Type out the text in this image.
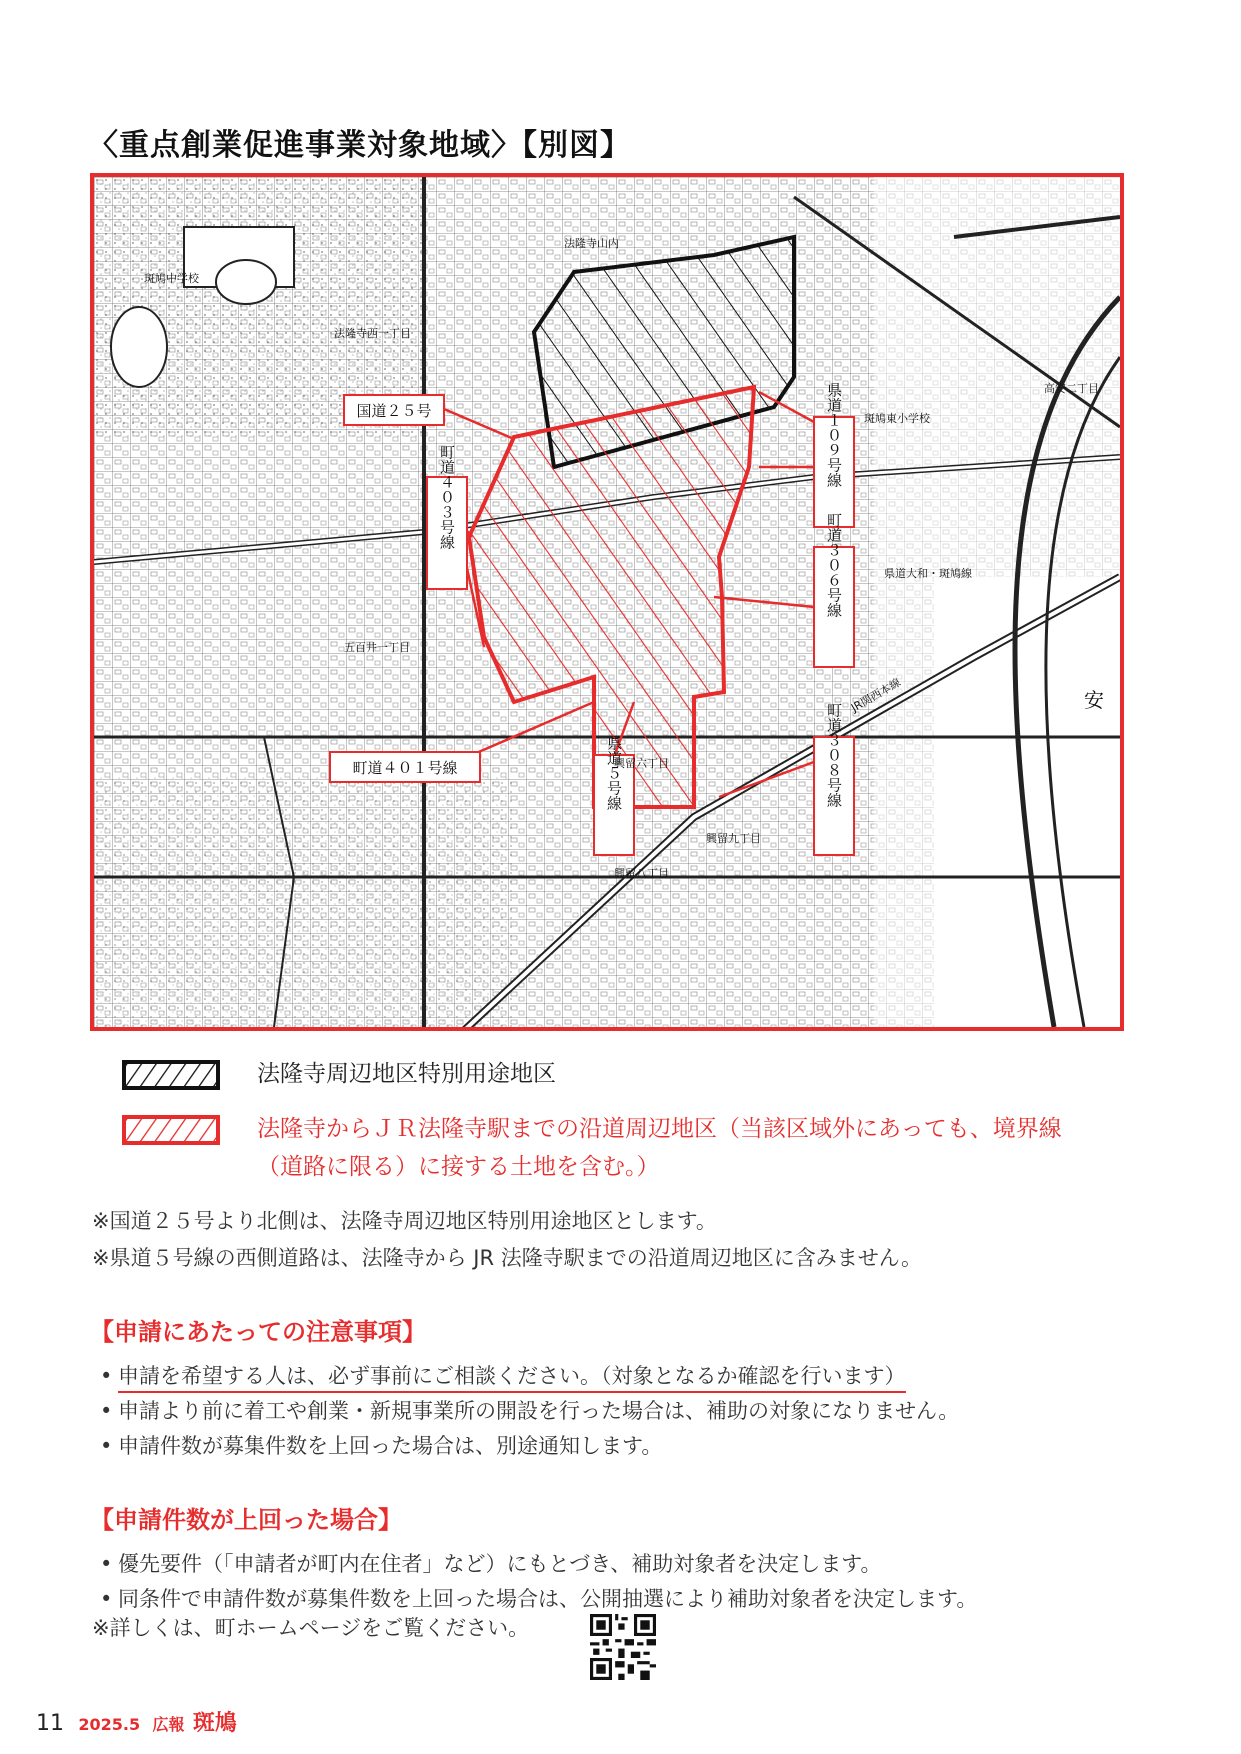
〈重点創業促進事業対象地域〉【別図】
国道２５号
町道４０３号線
県道１０９号線
町道３０６号線
町道４０１号線	県道５号線	町道３０８号線
法隆寺西一丁目
法隆寺山内
高安二丁目
JR関西本線
五百井一丁目
興留六丁目
興留八丁目
興留九丁目
県道大和・斑鳩線
安
斑鳩中学校
斑鳩東小学校
法隆寺周辺地区特別用途地区
法隆寺からＪＲ法隆寺駅までの沿道周辺地区（当該区域外にあっても、境界線
（道路に限る）に接する土地を含む。）
※国道２５号より北側は、法隆寺周辺地区特別用途地区とします。
※県道５号線の西側道路は、法隆寺から JR 法隆寺駅までの沿道周辺地区に含みません。
【申請にあたっての注意事項】
• 申請を希望する人は、必ず事前にご相談ください。（対象となるか確認を行います）
• 申請より前に着工や創業・新規事業所の開設を行った場合は、補助の対象になりません。
• 申請件数が募集件数を上回った場合は、別途通知します。
【申請件数が上回った場合】
• 優先要件（「申請者が町内在住者」など）にもとづき、補助対象者を決定します。
• 同条件で申請件数が募集件数を上回った場合は、公開抽選により補助対象者を決定します。
※詳しくは、町ホームページをご覧ください。
11 2025.5 広報 斑鳩
